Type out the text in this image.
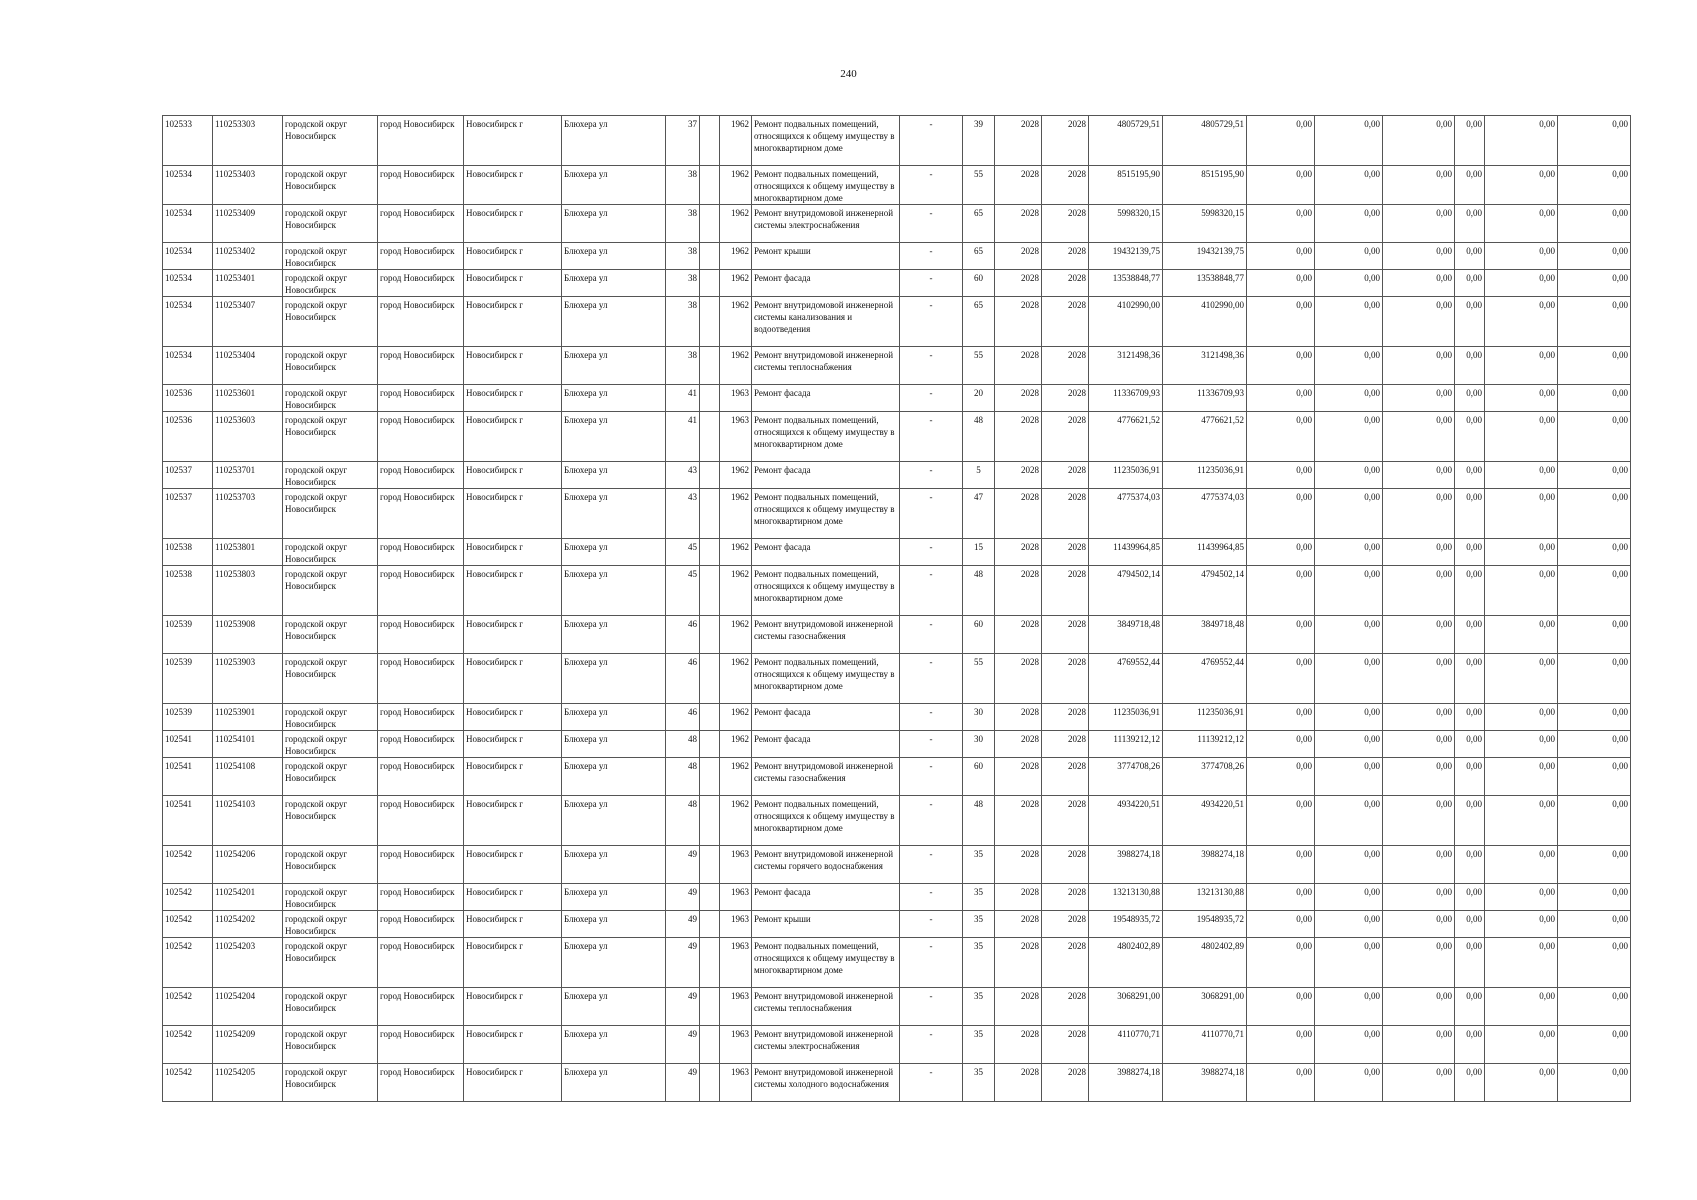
240
102533	110253303	городской округ Новосибирск	город Новосибирск	Новосибирск г	Блюхера ул	37		1962	Ремонт подвальных помещений, относящихся к общему имуществу в многоквартирном доме	-	39	2028	2028	4805729,51	4805729,51	0,00	0,00	0,00	0,00	0,00	0,00
102534	110253403	городской округ Новосибирск	город Новосибирск	Новосибирск г	Блюхера ул	38		1962	Ремонт подвальных помещений, относящихся к общему имуществу в многоквартирном доме	-	55	2028	2028	8515195,90	8515195,90	0,00	0,00	0,00	0,00	0,00	0,00
102534	110253409	городской округ Новосибирск	город Новосибирск	Новосибирск г	Блюхера ул	38		1962	Ремонт внутридомовой инженерной системы электроснабжения	-	65	2028	2028	5998320,15	5998320,15	0,00	0,00	0,00	0,00	0,00	0,00
102534	110253402	городской округ Новосибирск	город Новосибирск	Новосибирск г	Блюхера ул	38		1962	Ремонт крыши	-	65	2028	2028	19432139,75	19432139,75	0,00	0,00	0,00	0,00	0,00	0,00
102534	110253401	городской округ Новосибирск	город Новосибирск	Новосибирск г	Блюхера ул	38		1962	Ремонт фасада	-	60	2028	2028	13538848,77	13538848,77	0,00	0,00	0,00	0,00	0,00	0,00
102534	110253407	городской округ Новосибирск	город Новосибирск	Новосибирск г	Блюхера ул	38		1962	Ремонт внутридомовой инженерной системы канализования и водоотведения	-	65	2028	2028	4102990,00	4102990,00	0,00	0,00	0,00	0,00	0,00	0,00
102534	110253404	городской округ Новосибирск	город Новосибирск	Новосибирск г	Блюхера ул	38		1962	Ремонт внутридомовой инженерной системы теплоснабжения	-	55	2028	2028	3121498,36	3121498,36	0,00	0,00	0,00	0,00	0,00	0,00
102536	110253601	городской округ Новосибирск	город Новосибирск	Новосибирск г	Блюхера ул	41		1963	Ремонт фасада	-	20	2028	2028	11336709,93	11336709,93	0,00	0,00	0,00	0,00	0,00	0,00
102536	110253603	городской округ Новосибирск	город Новосибирск	Новосибирск г	Блюхера ул	41		1963	Ремонт подвальных помещений, относящихся к общему имуществу в многоквартирном доме	-	48	2028	2028	4776621,52	4776621,52	0,00	0,00	0,00	0,00	0,00	0,00
102537	110253701	городской округ Новосибирск	город Новосибирск	Новосибирск г	Блюхера ул	43		1962	Ремонт фасада	-	5	2028	2028	11235036,91	11235036,91	0,00	0,00	0,00	0,00	0,00	0,00
102537	110253703	городской округ Новосибирск	город Новосибирск	Новосибирск г	Блюхера ул	43		1962	Ремонт подвальных помещений, относящихся к общему имуществу в многоквартирном доме	-	47	2028	2028	4775374,03	4775374,03	0,00	0,00	0,00	0,00	0,00	0,00
102538	110253801	городской округ Новосибирск	город Новосибирск	Новосибирск г	Блюхера ул	45		1962	Ремонт фасада	-	15	2028	2028	11439964,85	11439964,85	0,00	0,00	0,00	0,00	0,00	0,00
102538	110253803	городской округ Новосибирск	город Новосибирск	Новосибирск г	Блюхера ул	45		1962	Ремонт подвальных помещений, относящихся к общему имуществу в многоквартирном доме	-	48	2028	2028	4794502,14	4794502,14	0,00	0,00	0,00	0,00	0,00	0,00
102539	110253908	городской округ Новосибирск	город Новосибирск	Новосибирск г	Блюхера ул	46		1962	Ремонт внутридомовой инженерной системы газоснабжения	-	60	2028	2028	3849718,48	3849718,48	0,00	0,00	0,00	0,00	0,00	0,00
102539	110253903	городской округ Новосибирск	город Новосибирск	Новосибирск г	Блюхера ул	46		1962	Ремонт подвальных помещений, относящихся к общему имуществу в многоквартирном доме	-	55	2028	2028	4769552,44	4769552,44	0,00	0,00	0,00	0,00	0,00	0,00
102539	110253901	городской округ Новосибирск	город Новосибирск	Новосибирск г	Блюхера ул	46		1962	Ремонт фасада	-	30	2028	2028	11235036,91	11235036,91	0,00	0,00	0,00	0,00	0,00	0,00
102541	110254101	городской округ Новосибирск	город Новосибирск	Новосибирск г	Блюхера ул	48		1962	Ремонт фасада	-	30	2028	2028	11139212,12	11139212,12	0,00	0,00	0,00	0,00	0,00	0,00
102541	110254108	городской округ Новосибирск	город Новосибирск	Новосибирск г	Блюхера ул	48		1962	Ремонт внутридомовой инженерной системы газоснабжения	-	60	2028	2028	3774708,26	3774708,26	0,00	0,00	0,00	0,00	0,00	0,00
102541	110254103	городской округ Новосибирск	город Новосибирск	Новосибирск г	Блюхера ул	48		1962	Ремонт подвальных помещений, относящихся к общему имуществу в многоквартирном доме	-	48	2028	2028	4934220,51	4934220,51	0,00	0,00	0,00	0,00	0,00	0,00
102542	110254206	городской округ Новосибирск	город Новосибирск	Новосибирск г	Блюхера ул	49		1963	Ремонт внутридомовой инженерной системы горячего водоснабжения	-	35	2028	2028	3988274,18	3988274,18	0,00	0,00	0,00	0,00	0,00	0,00
102542	110254201	городской округ Новосибирск	город Новосибирск	Новосибирск г	Блюхера ул	49		1963	Ремонт фасада	-	35	2028	2028	13213130,88	13213130,88	0,00	0,00	0,00	0,00	0,00	0,00
102542	110254202	городской округ Новосибирск	город Новосибирск	Новосибирск г	Блюхера ул	49		1963	Ремонт крыши	-	35	2028	2028	19548935,72	19548935,72	0,00	0,00	0,00	0,00	0,00	0,00
102542	110254203	городской округ Новосибирск	город Новосибирск	Новосибирск г	Блюхера ул	49		1963	Ремонт подвальных помещений, относящихся к общему имуществу в многоквартирном доме	-	35	2028	2028	4802402,89	4802402,89	0,00	0,00	0,00	0,00	0,00	0,00
102542	110254204	городской округ Новосибирск	город Новосибирск	Новосибирск г	Блюхера ул	49		1963	Ремонт внутридомовой инженерной системы теплоснабжения	-	35	2028	2028	3068291,00	3068291,00	0,00	0,00	0,00	0,00	0,00	0,00
102542	110254209	городской округ Новосибирск	город Новосибирск	Новосибирск г	Блюхера ул	49		1963	Ремонт внутридомовой инженерной системы электроснабжения	-	35	2028	2028	4110770,71	4110770,71	0,00	0,00	0,00	0,00	0,00	0,00
102542	110254205	городской округ Новосибирск	город Новосибирск	Новосибирск г	Блюхера ул	49		1963	Ремонт внутридомовой инженерной системы холодного водоснабжения	-	35	2028	2028	3988274,18	3988274,18	0,00	0,00	0,00	0,00	0,00	0,00
